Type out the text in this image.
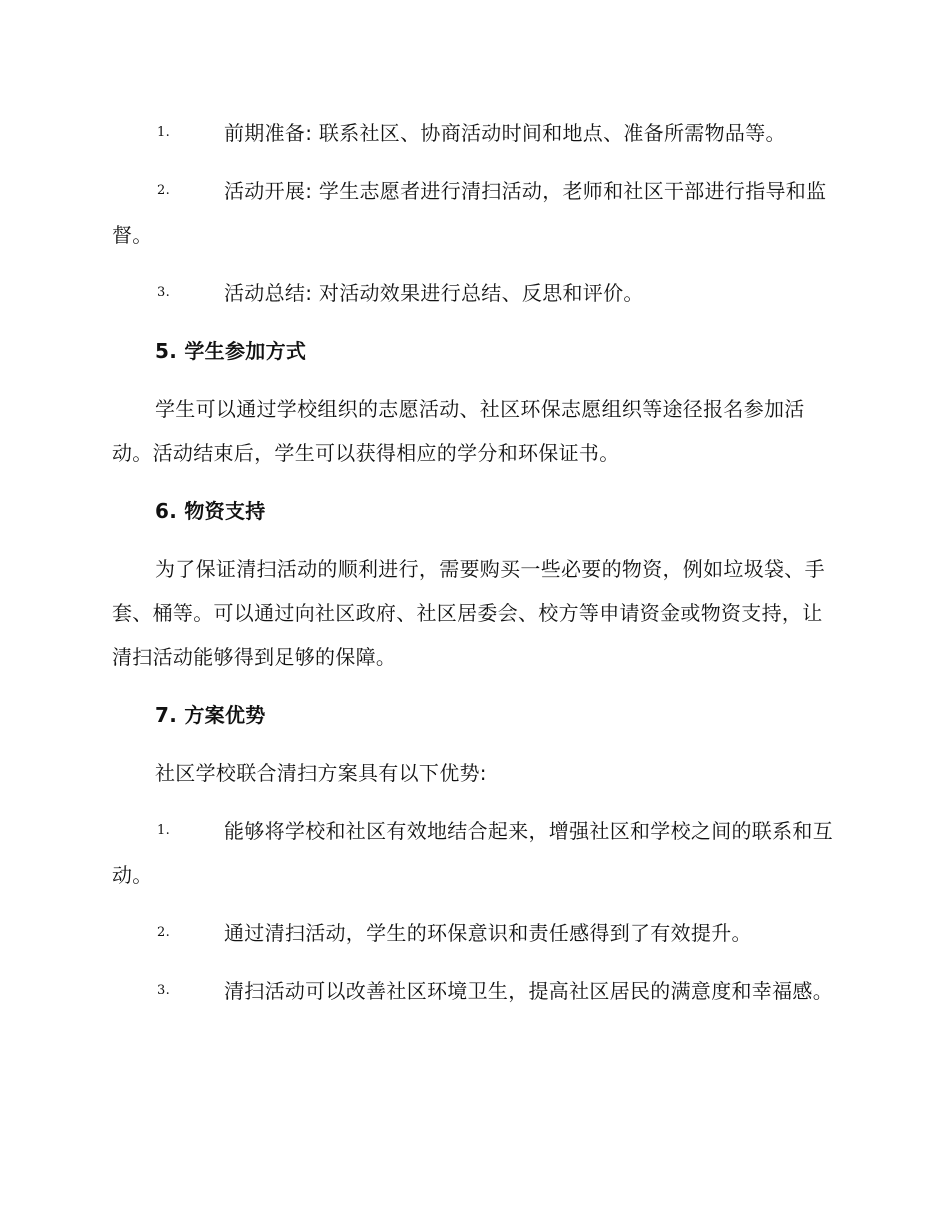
1.	前期准备: 联系社区、协商活动时间和地点、准备所需物品等。

2.	活动开展: 学生志愿者进行清扫活动，老师和社区干部进行指导和监督。

3.	活动总结: 对活动效果进行总结、反思和评价。

5. 学生参加方式

学生可以通过学校组织的志愿活动、社区环保志愿组织等途径报名参加活动。活动结束后，学生可以获得相应的学分和环保证书。

6. 物资支持

为了保证清扫活动的顺利进行，需要购买一些必要的物资，例如垃圾袋、手套、桶等。可以通过向社区政府、社区居委会、校方等申请资金或物资支持，让清扫活动能够得到足够的保障。

7. 方案优势

社区学校联合清扫方案具有以下优势:

1.	能够将学校和社区有效地结合起来，增强社区和学校之间的联系和互动。

2.	通过清扫活动，学生的环保意识和责任感得到了有效提升。

3.	清扫活动可以改善社区环境卫生，提高社区居民的满意度和幸福感。
